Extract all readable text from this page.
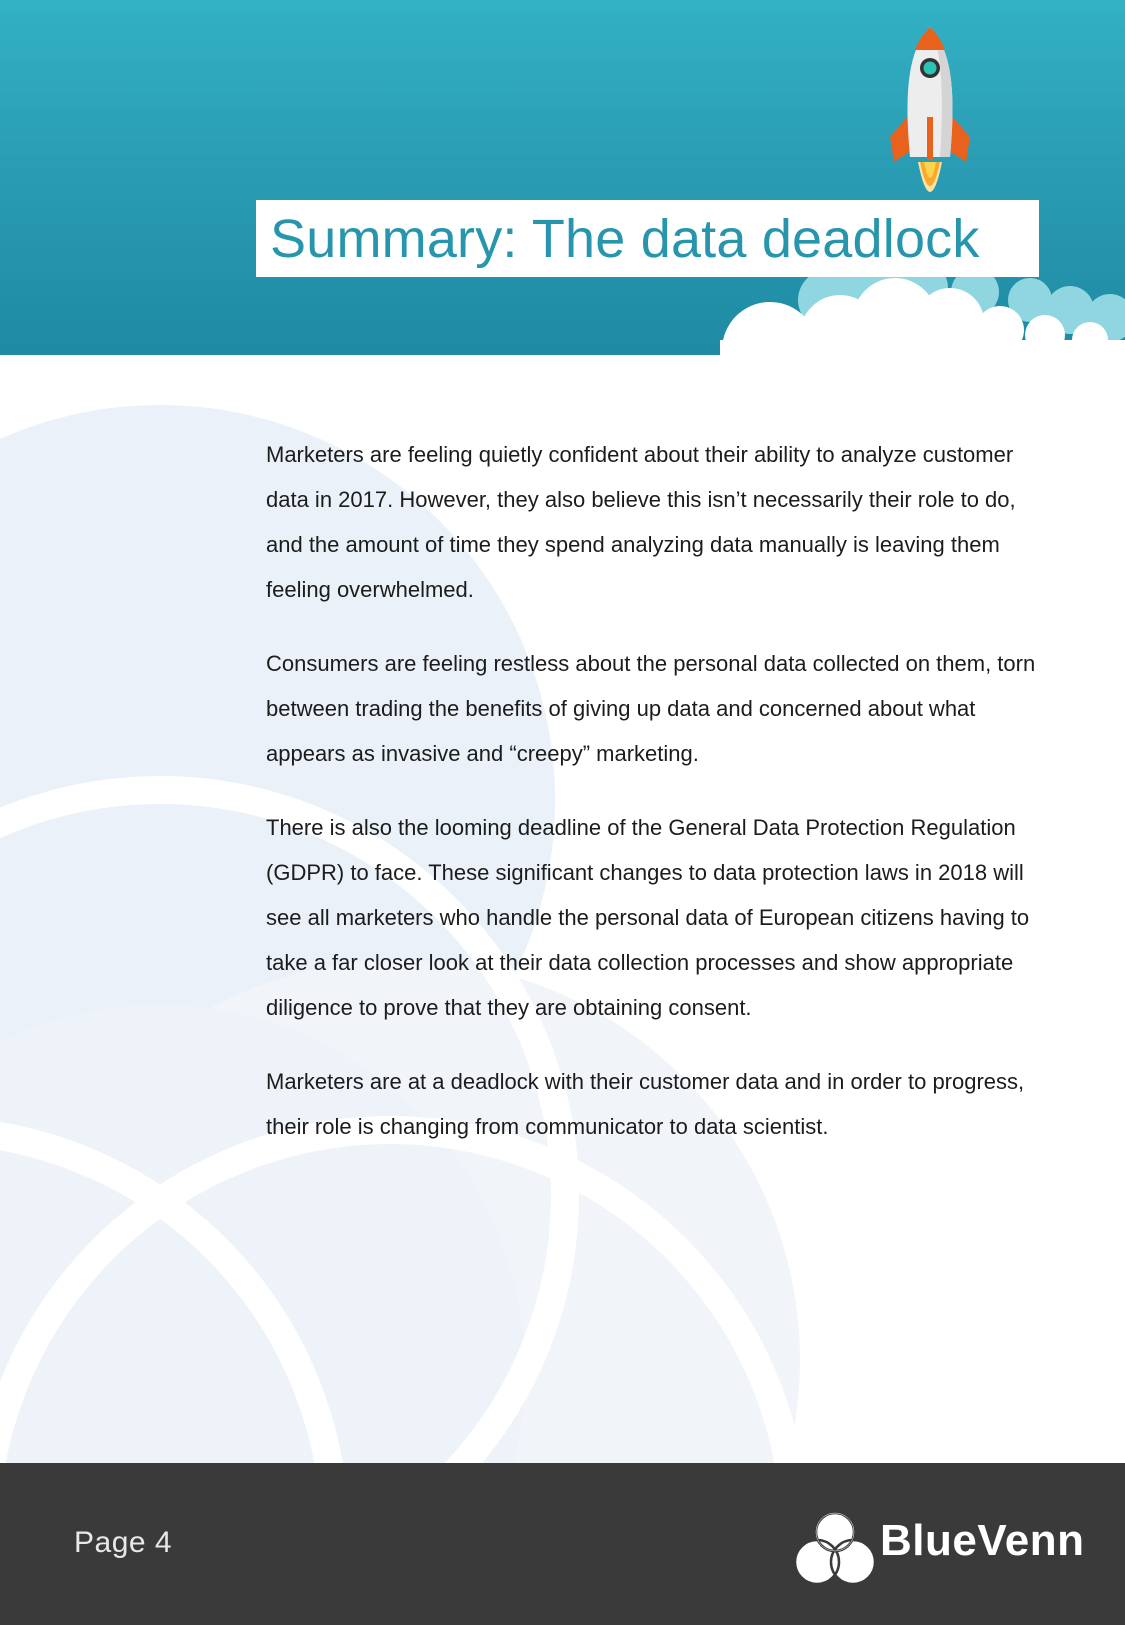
Summary: The data deadlock

Marketers are feeling quietly confident about their ability to analyze customer data in 2017. However, they also believe this isn’t necessarily their role to do, and the amount of time they spend analyzing data manually is leaving them feeling overwhelmed.

Consumers are feeling restless about the personal data collected on them, torn between trading the benefits of giving up data and concerned about what appears as invasive and “creepy” marketing.

There is also the looming deadline of the General Data Protection Regulation (GDPR) to face. These significant changes to data protection laws in 2018 will see all marketers who handle the personal data of European citizens having to take a far closer look at their data collection processes and show appropriate diligence to prove that they are obtaining consent.

Marketers are at a deadlock with their customer data and in order to progress, their role is changing from communicator to data scientist.

Page 4	BlueVenn
